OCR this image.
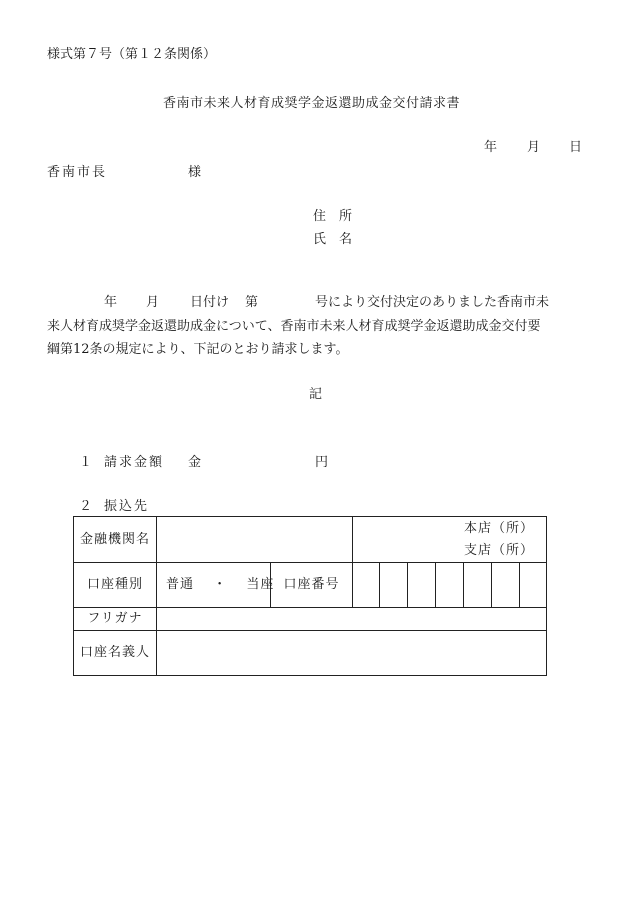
様式第７号（第１２条関係）
香南市未来人材育成奨学金返還助成金交付請求書
年 月 日
香南市長	様
住　所
氏　名
年 月 日付け 第	号により交付決定のありました香南市未
来人材育成奨学金返還助成金について、香南市未来人材育成奨学金返還助成金交付要
綱第12条の規定により、下記のとおり請求します。
記
１ 請求金額 金	円
２ 振込先
金融機関名			本店（所）
支店（所）						

口座種別	普通 ・ 当座	口座番号							
フリガナ									
口座名義人									
